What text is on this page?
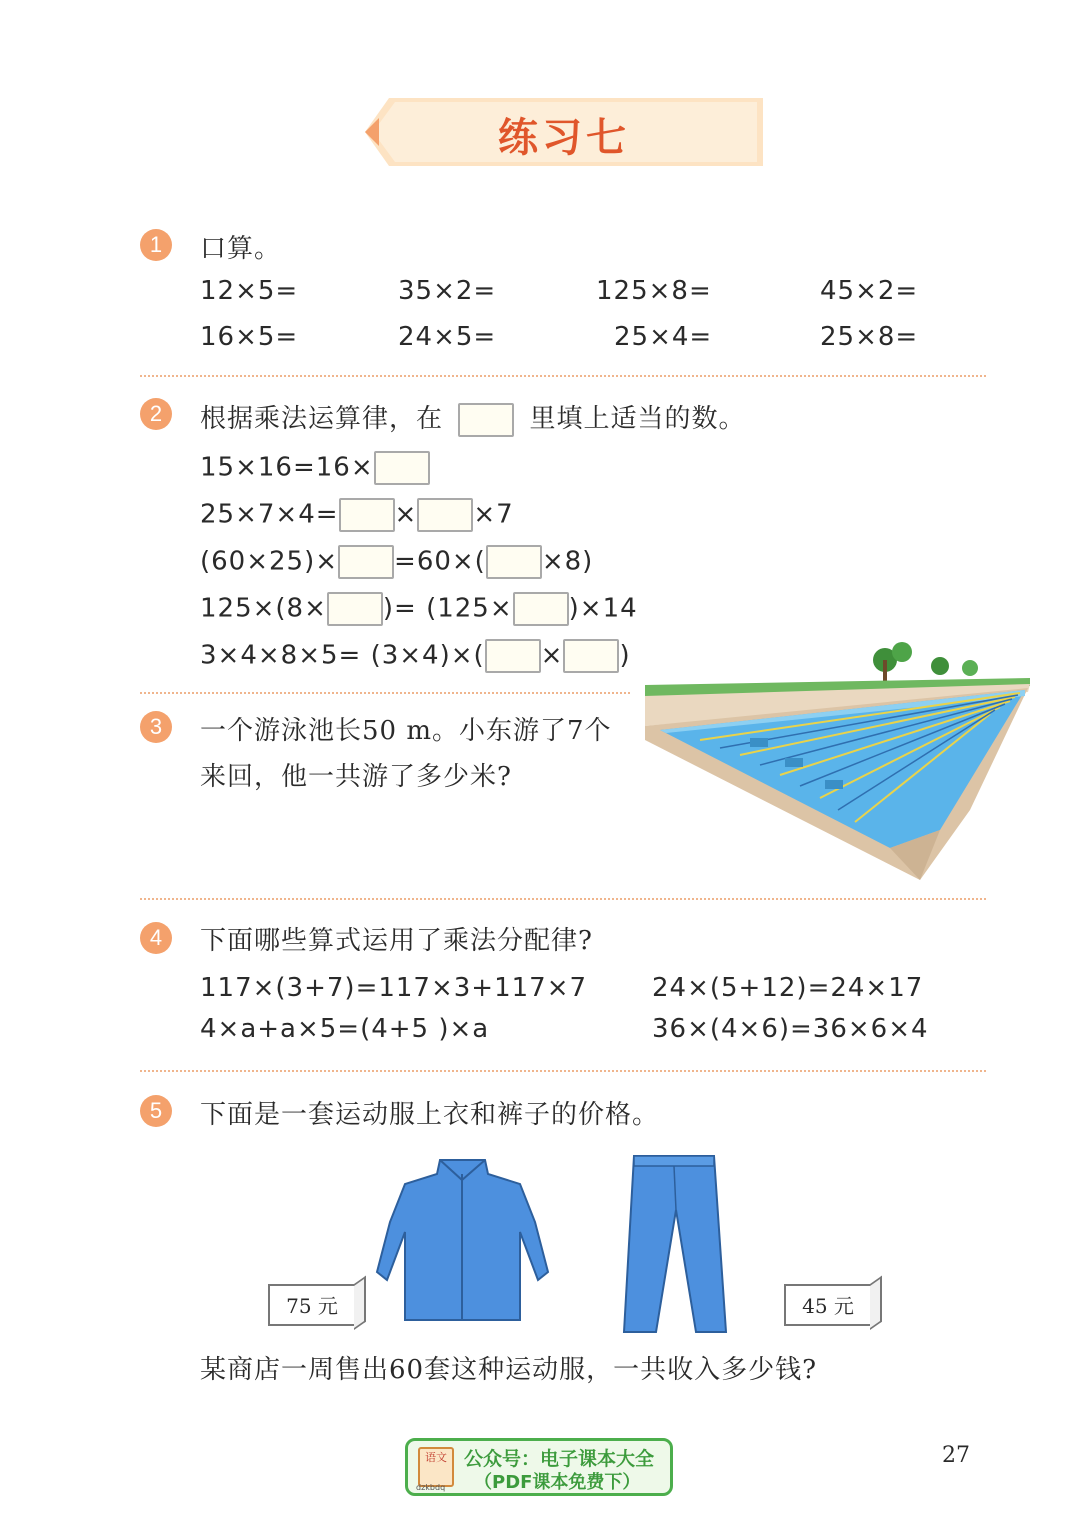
练习七
1	口算。
12×5=	35×2=	125×8=	45×2=
16×5=	24×5=	25×4=	25×8=
2	根据乘法运算律，在	里填上适当的数。
15×16=16×
25×7×4= × ×7
(60×25)× =60×( ×8)
125×(8× )= (125× )×14
3×4×8×5= (3×4)×( × )
3	一个游泳池长50 m。小东游了7个
来回，他一共游了多少米?
4	下面哪些算式运用了乘法分配律?
117×(3+7)=117×3+117×7 24×(5+12)=24×17
4×a+a×5=(4+5 )×a	36×(4×6)=36×6×4
5	下面是一套运动服上衣和裤子的价格。
75 元	45 元
某商店一周售出60套这种运动服，一共收入多少钱?
语文
dzkbdq
公众号：电子课本大全
（PDF课本免费下）
27
